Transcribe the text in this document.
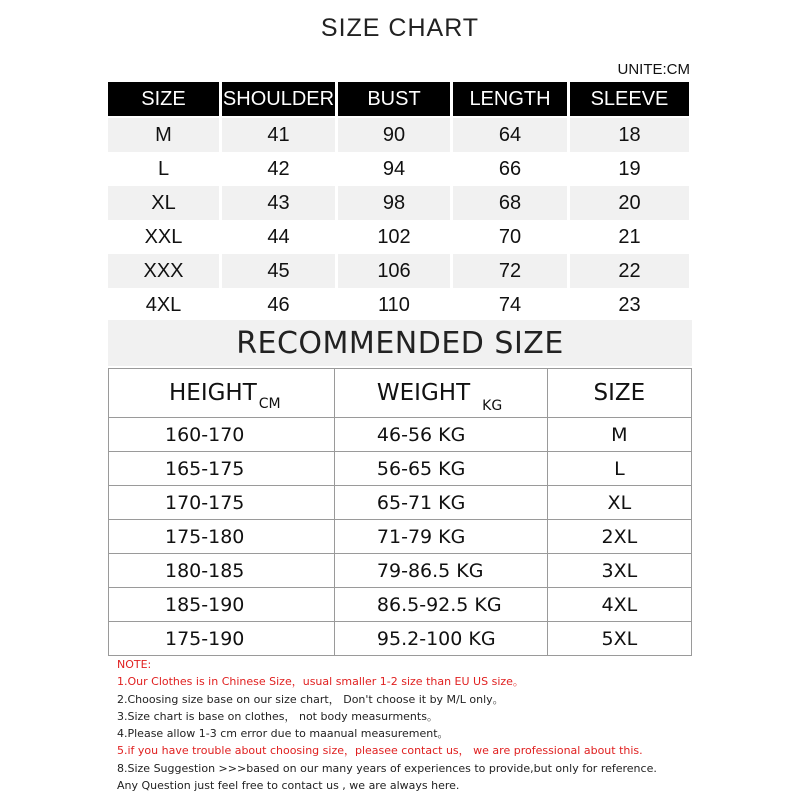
SIZE CHART
UNITE:CM
SIZE	SHOULDER	BUST	LENGTH	SLEEVE
M	41	90	64	18
L	42	94	66	19
XL	43	98	68	20
XXL	44	102	70	21
XXX	45	106	72	22
4XL	46	110	74	23
RECOMMENDED SIZE
HEIGHT $_{CM}$	WEIGHT $_{KG}$	SIZE
160-170	46-56 KG	M
165-175	56-65 KG	L
170-175	65-71 KG	XL
175-180	71-79 KG	2XL
180-185	79-86.5 KG	3XL
185-190	86.5-92.5 KG	4XL
175-190	95.2-100 KG	5XL
NOTE:
1.Our Clothes is in Chinese Size，usual smaller 1-2 size than EU US size。
2.Choosing size base on our size chart， Don't choose it by M/L only。
3.Size chart is base on clothes， not body measurments。
4.Please allow 1-3 cm error due to maanual measurement。
5.if you have trouble about choosing size，pleasee contact us， we are professional about this.
8.Size Suggestion >>>based on our many years of experiences to provide,but only for reference.
Any Question just feel free to contact us , we are always here.
